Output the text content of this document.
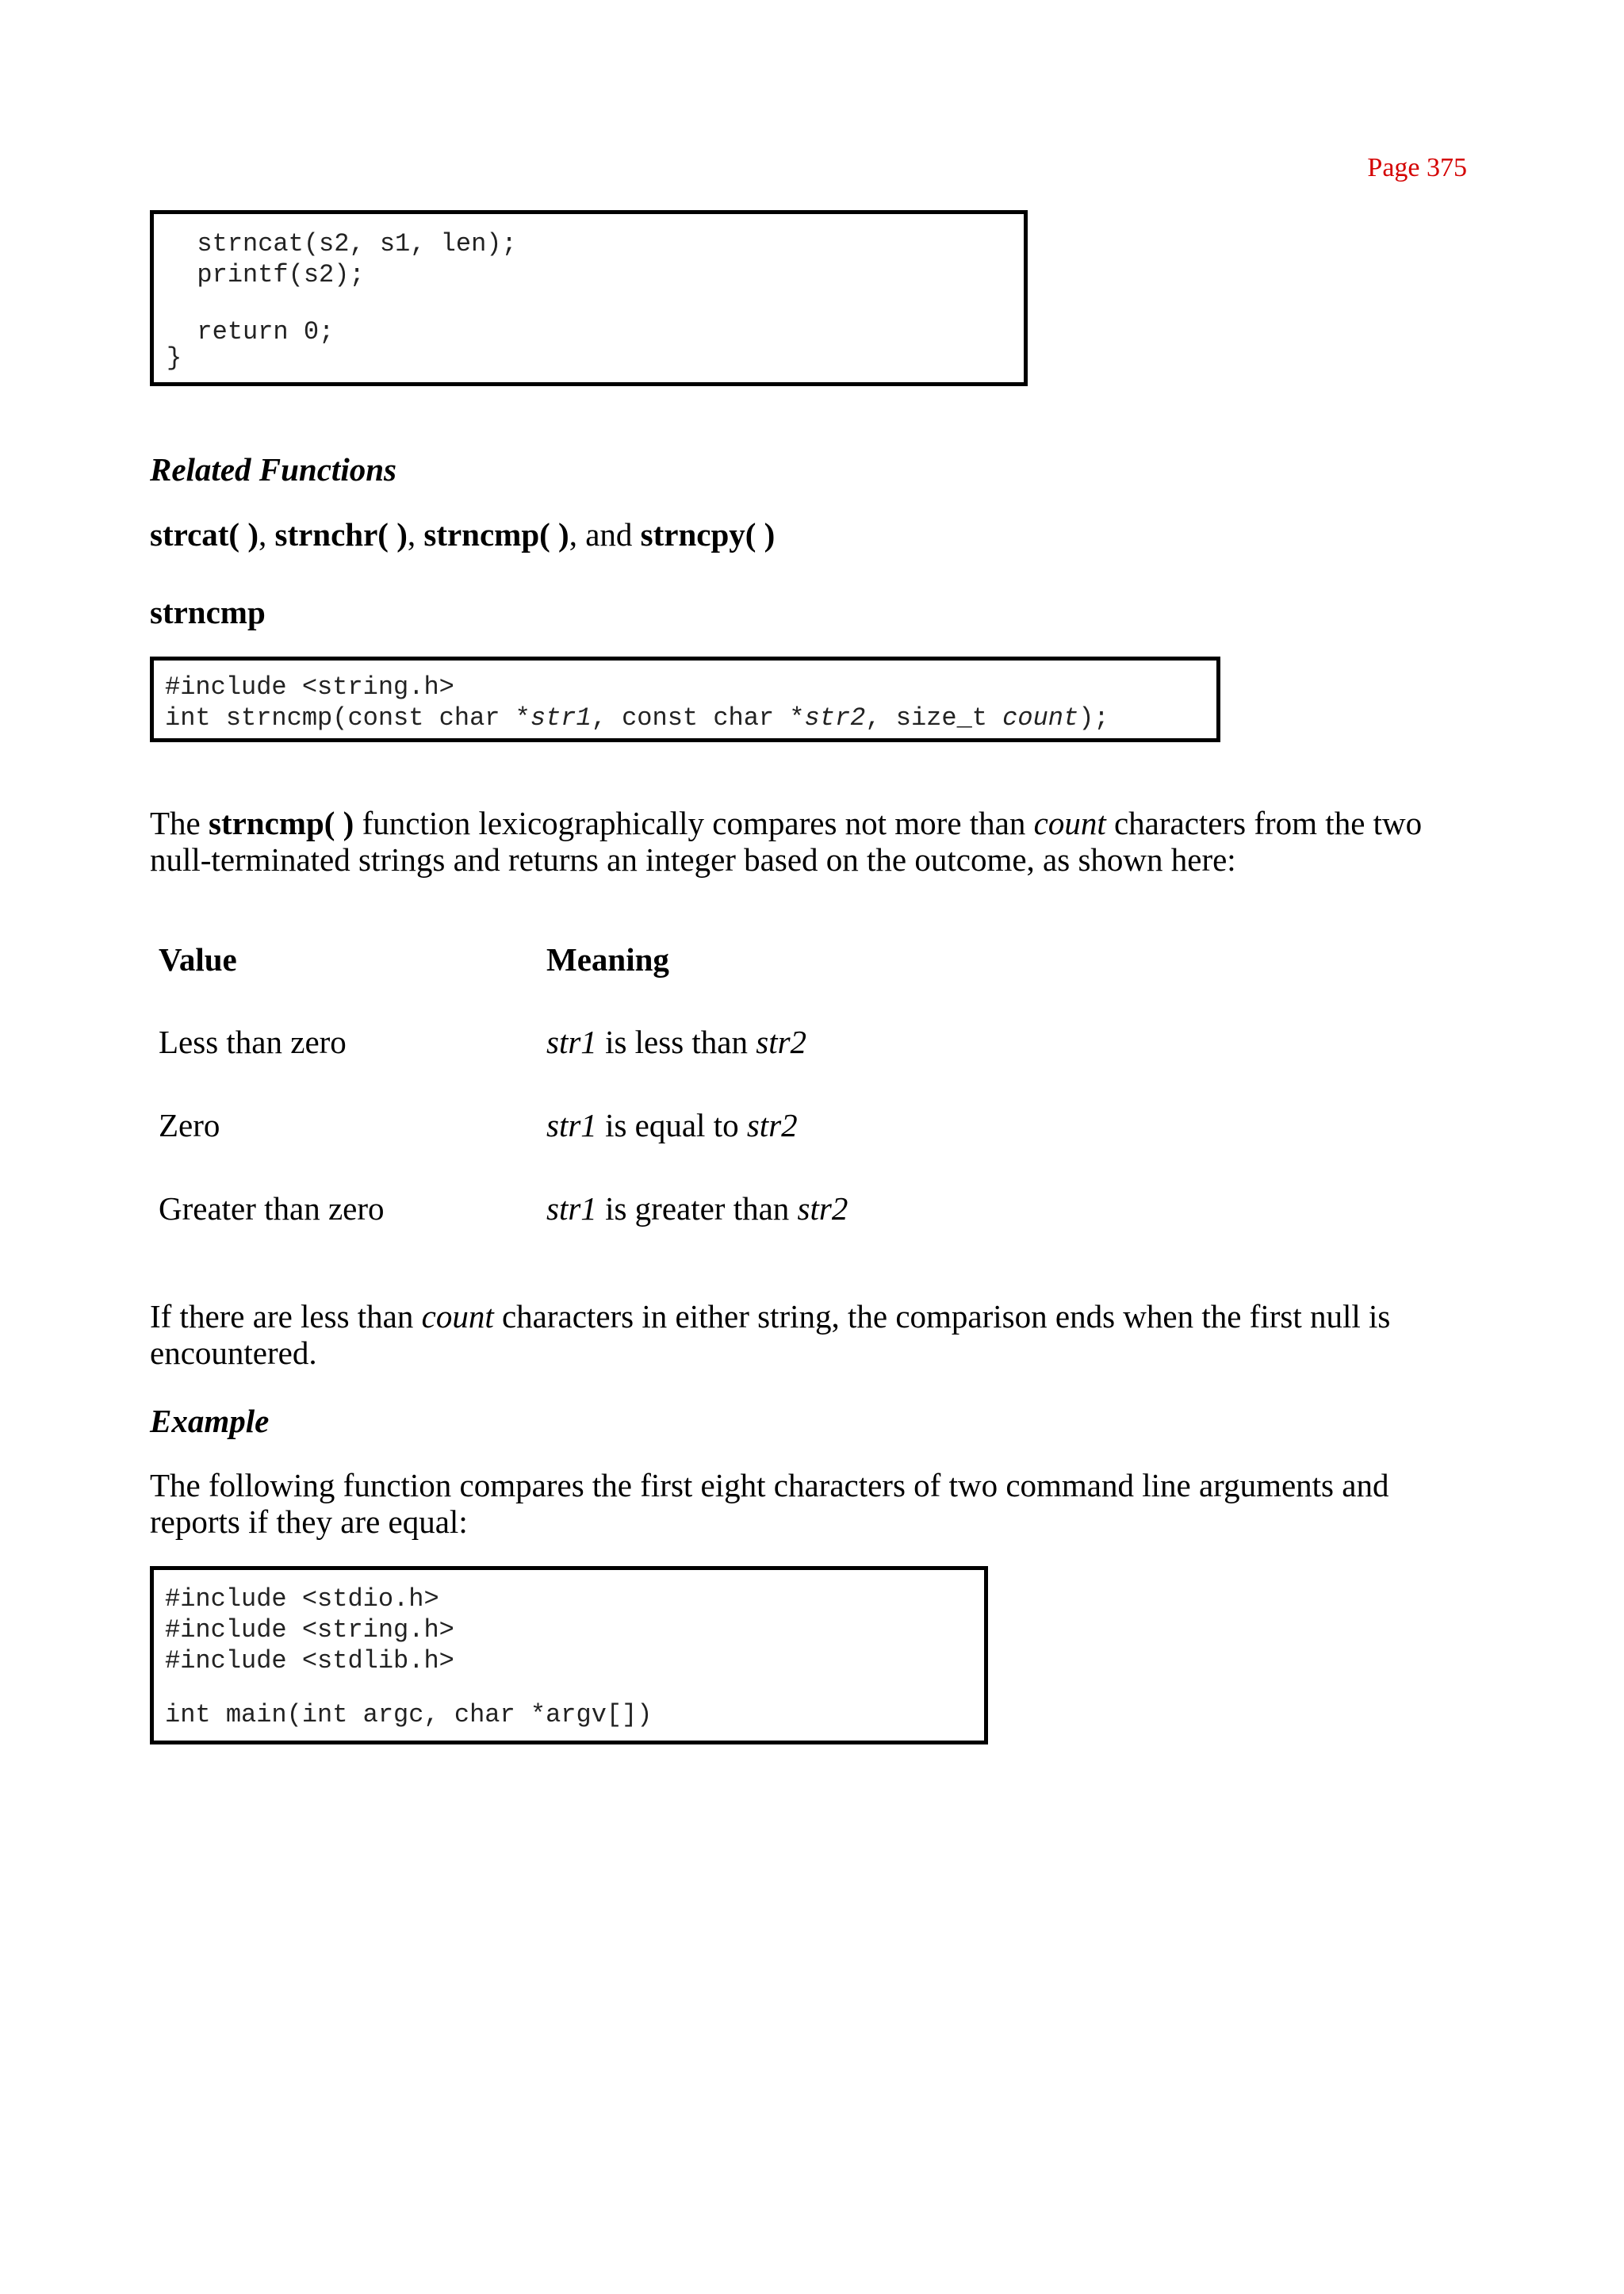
Page 375
strncat(s2, s1, len);
printf(s2);
return 0;
}
Related Functions
strcat( ), strnchr( ), strncmp( ), and strncpy( )
strncmp
#include <string.h>
int strncmp(const char *str1, const char *str2, size_t count);
The strncmp( ) function lexicographically compares not more than count characters from the two
null-terminated strings and returns an integer based on the outcome, as shown here:
Value	Meaning
Less than zero	str1 is less than str2
Zero	str1 is equal to str2
Greater than zero	str1 is greater than str2
If there are less than count characters in either string, the comparison ends when the first null is
encountered.
Example
The following function compares the first eight characters of two command line arguments and
reports if they are equal:
#include <stdio.h>
#include <string.h>
#include <stdlib.h>
int main(int argc, char *argv[])
